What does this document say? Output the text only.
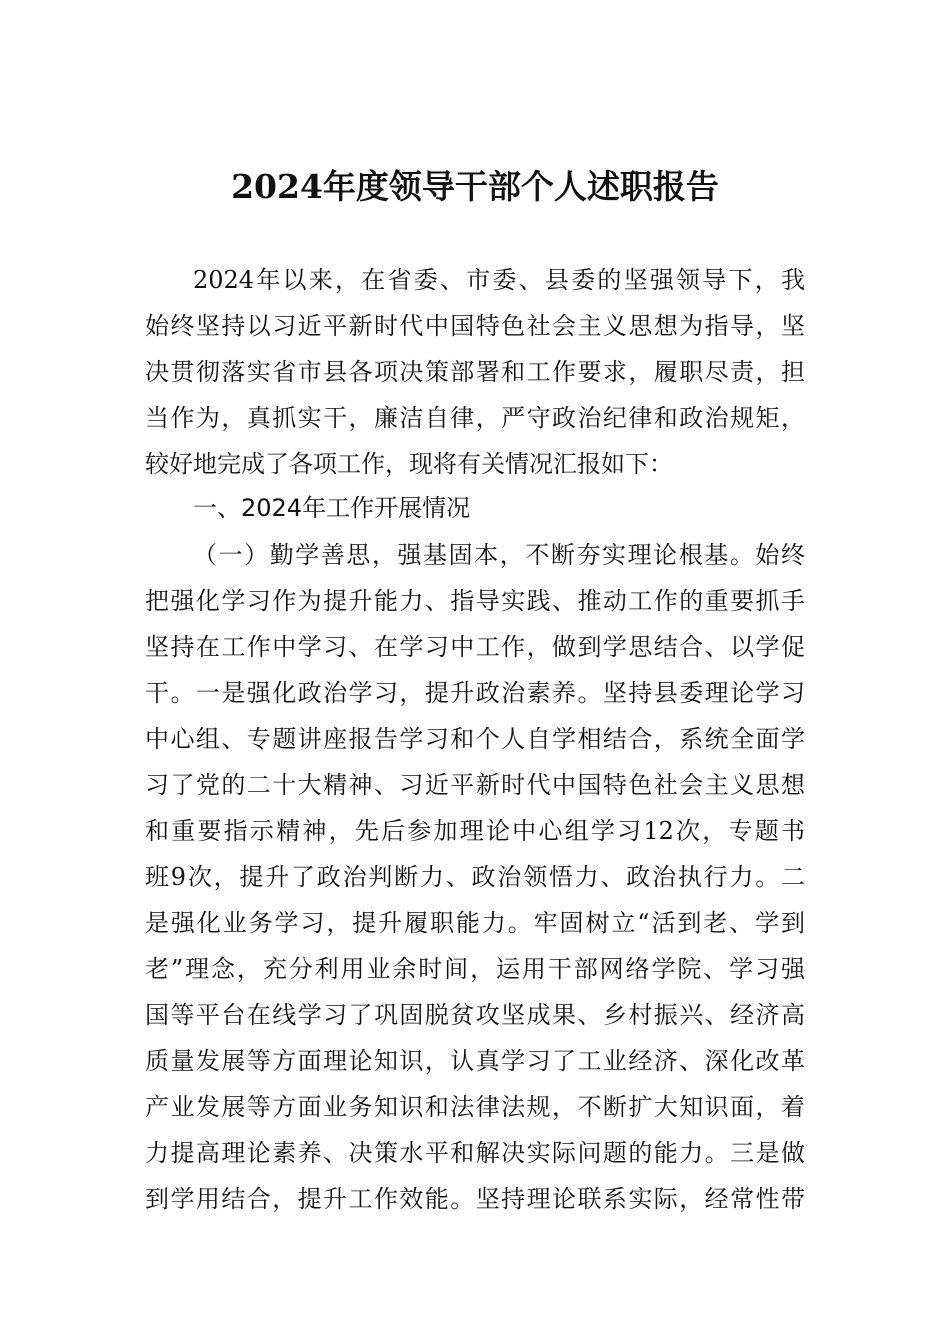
2024年度领导干部个人述职报告
2024年以来，在省委、市委、县委的坚强领导下，我
始终坚持以习近平新时代中国特色社会主义思想为指导，坚
决贯彻落实省市县各项决策部署和工作要求，履职尽责，担
当作为，真抓实干，廉洁自律，严守政治纪律和政治规矩，
较好地完成了各项工作，现将有关情况汇报如下：
一、2024年工作开展情况
（一）勤学善思，强基固本，不断夯实理论根基。始终
把强化学习作为提升能力、指导实践、推动工作的重要抓手
坚持在工作中学习、在学习中工作，做到学思结合、以学促
干。一是强化政治学习，提升政治素养。坚持县委理论学习
中心组、专题讲座报告学习和个人自学相结合，系统全面学
习了党的二十大精神、习近平新时代中国特色社会主义思想
和重要指示精神，先后参加理论中心组学习12次，专题书
班9次，提升了政治判断力、政治领悟力、政治执行力。二
是强化业务学习，提升履职能力。牢固树立“活到老、学到
老”理念，充分利用业余时间，运用干部网络学院、学习强
国等平台在线学习了巩固脱贫攻坚成果、乡村振兴、经济高
质量发展等方面理论知识，认真学习了工业经济、深化改革
产业发展等方面业务知识和法律法规，不断扩大知识面，着
力提高理论素养、决策水平和解决实际问题的能力。三是做
到学用结合，提升工作效能。坚持理论联系实际，经常性带
